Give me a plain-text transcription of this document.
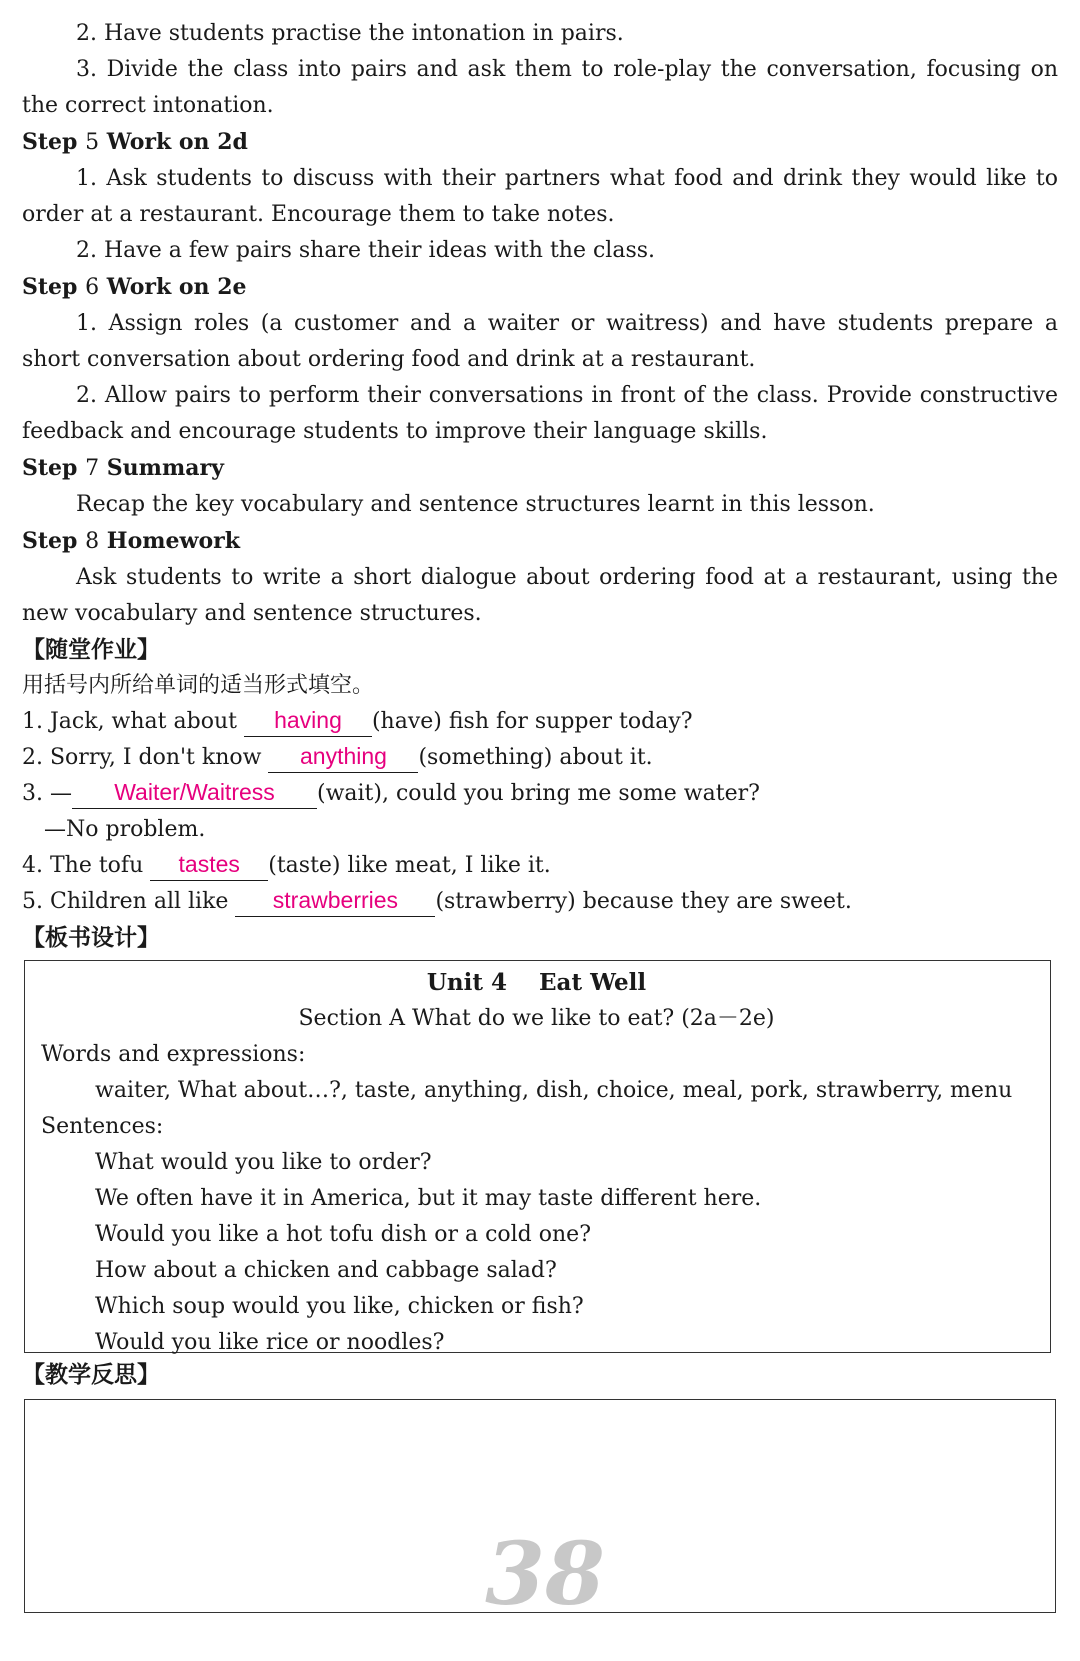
2. Have students practise the intonation in pairs.

3. Divide the class into pairs and ask them to role-play the conversation, focusing on the correct intonation.

Step 5 Work on 2d

1. Ask students to discuss with their partners what food and drink they would like to order at a restaurant. Encourage them to take notes.

2. Have a few pairs share their ideas with the class.

Step 6 Work on 2e

1. Assign roles (a customer and a waiter or waitress) and have students prepare a short conversation about ordering food and drink at a restaurant.

2. Allow pairs to perform their conversations in front of the class. Provide constructive feedback and encourage students to improve their language skills.

Step 7 Summary

Recap the key vocabulary and sentence structures learnt in this lesson.

Step 8 Homework

Ask students to write a short dialogue about ordering food at a restaurant, using the new vocabulary and sentence structures.

【随堂作业】

用括号内所给单词的适当形式填空。

1. Jack, what about having (have) fish for supper today?

2. Sorry, I don't know anything (something) about it.

3. — Waiter/Waitress (wait), could you bring me some water?

—No problem.

4. The tofu tastes (taste) like meat, I like it.

5. Children all like strawberries (strawberry) because they are sweet.

【板书设计】

Unit 4    Eat Well

Section A What do we like to eat? (2a－2e)

Words and expressions:

waiter, What about…?, taste, anything, dish, choice, meal, pork, strawberry, menu

Sentences:

What would you like to order?

We often have it in America, but it may taste different here.

Would you like a hot tofu dish or a cold one?

How about a chicken and cabbage salad?

Which soup would you like, chicken or fish?

Would you like rice or noodles?

【教学反思】

38
